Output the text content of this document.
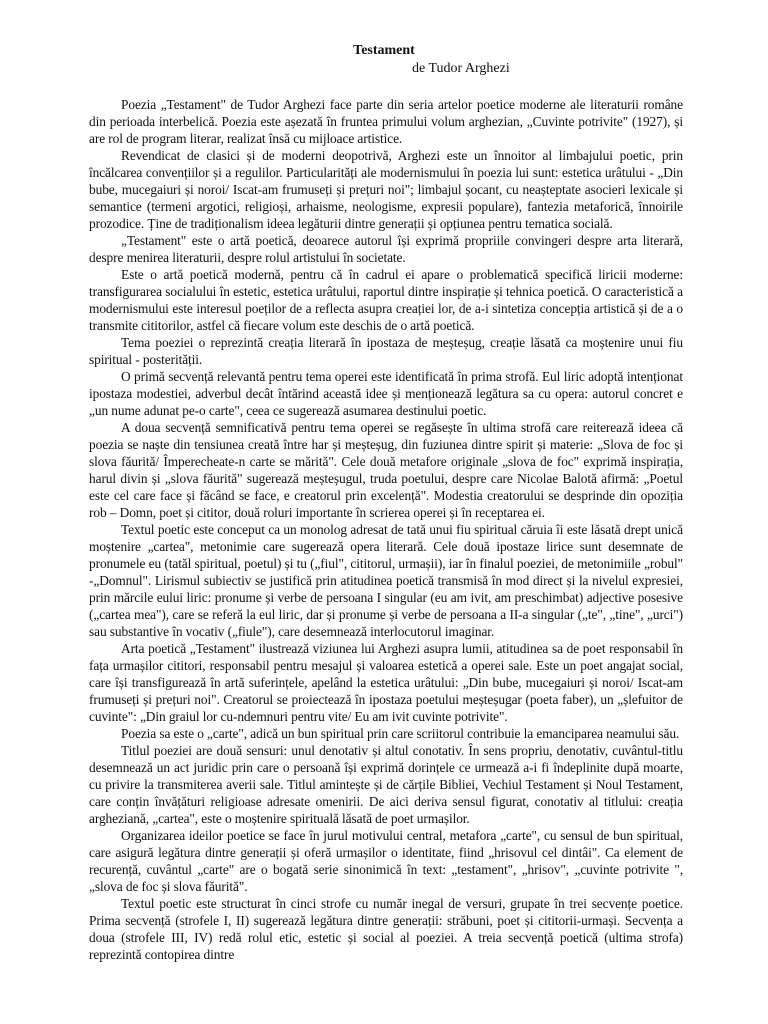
Testament

de Tudor Arghezi

Poezia „Testament" de Tudor Arghezi face parte din seria artelor poetice moderne ale literaturii române din perioada interbelică. Poezia este așezată în fruntea primului volum arghezian, „Cuvinte potrivite" (1927), și are rol de program literar, realizat însă cu mijloace artistice.

Revendicat de clasici și de moderni deopotrivă, Arghezi este un înnoitor al limbajului poetic, prin încălcarea convențiilor și a regulilor. Particularități ale modernismului în poezia lui sunt: estetica urâtului - „Din bube, mucegaiuri și noroi/ Iscat-am frumuseți și prețuri noi"; limbajul șocant, cu neașteptate asocieri lexicale și semantice (termeni argotici, religioși, arhaisme, neologisme, expresii populare), fantezia metaforică, înnoirile prozodice. Ține de tradiționalism ideea legăturii dintre generații și opțiunea pentru tematica socială.

„Testament" este o artă poetică, deoarece autorul își exprimă propriile convingeri despre arta literară, despre menirea literaturii, despre rolul artistului în societate.

Este o artă poetică modernă, pentru că în cadrul ei apare o problematică specifică liricii moderne: transfigurarea socialului în estetic, estetica urâtului, raportul dintre inspirație și tehnica poetică. O caracteristică a modernismului este interesul poeților de a reflecta asupra creației lor, de a-i sintetiza concepția artistică și de a o transmite cititorilor, astfel că fiecare volum este deschis de o artă poetică.

Tema poeziei o reprezintă creația literară în ipostaza de meșteșug, creație lăsată ca moștenire unui fiu spiritual - posterității.

O primă secvență relevantă pentru tema operei este identificată în prima strofă. Eul liric adoptă intenționat ipostaza modestiei, adverbul decât întărind această idee și menționează legătura sa cu opera: autorul concret e „un nume adunat pe-o carte", ceea ce sugerează asumarea destinului poetic.

A doua secvență semnificativă pentru tema operei se regăsește în ultima strofă care reiterează ideea că poezia se naște din tensiunea creată între har și meșteșug, din fuziunea dintre spirit și materie: „Slova de foc și slova făurită/ Împerecheate-n carte se mărită". Cele două metafore originale „slova de foc" exprimă inspirația, harul divin și „slova făurită" sugerează meșteșugul, truda poetului, despre care Nicolae Balotă afirmă: „Poetul este cel care face și făcând se face, e creatorul prin excelență". Modestia creatorului se desprinde din opoziția rob – Domn, poet și cititor, două roluri importante în scrierea operei și în receptarea ei.

Textul poetic este conceput ca un monolog adresat de tată unui fiu spiritual căruia îi este lăsată drept unică moștenire „cartea", metonimie care sugerează opera literară. Cele două ipostaze lirice sunt desemnate de pronumele eu (tatăl spiritual, poetul) și tu („fiul", cititorul, urmașii), iar în finalul poeziei, de metonimiile „robul" -„Domnul". Lirismul subiectiv se justifică prin atitudinea poetică transmisă în mod direct și la nivelul expresiei, prin mărcile eului liric: pronume și verbe de persoana I singular (eu am ivit, am preschimbat) adjective posesive („cartea mea"), care se referă la eul liric, dar și pronume și verbe de persoana a II-a singular („te", „tine", „urci") sau substantive în vocativ („fiule"), care desemnează interlocutorul imaginar.

Arta poetică „Testament" ilustrează viziunea lui Arghezi asupra lumii, atitudinea sa de poet responsabil în fața urmașilor cititori, responsabil pentru mesajul și valoarea estetică a operei sale. Este un poet angajat social, care își transfigurează în artă suferințele, apelând la estetica urâtului: „Din bube, mucegaiuri și noroi/ Iscat-am frumuseți și prețuri noi". Creatorul se proiectează în ipostaza poetului meșteșugar (poeta faber), un „șlefuitor de cuvinte": „Din graiul lor cu-ndemnuri pentru vite/ Eu am ivit cuvinte potrivite".

Poezia sa este o „carte", adică un bun spiritual prin care scriitorul contribuie la emanciparea neamului său.

Titlul poeziei are două sensuri: unul denotativ și altul conotativ. În sens propriu, denotativ, cuvântul-titlu desemnează un act juridic prin care o persoană își exprimă dorințele ce urmează a-i fi îndeplinite după moarte, cu privire la transmiterea averii sale. Titlul amintește și de cărțile Bibliei, Vechiul Testament și Noul Testament, care conțin învățături religioase adresate omenirii. De aici deriva sensul figurat, conotativ al titlului: creația argheziană, „cartea", este o moștenire spirituală lăsată de poet urmașilor.

Organizarea ideilor poetice se face în jurul motivului central, metafora „carte", cu sensul de bun spiritual, care asigură legătura dintre generații și oferă urmașilor o identitate, fiind „hrisovul cel dintâi". Ca element de recurență, cuvântul „carte" are o bogată serie sinonimică în text: „testament", „hrisov", „cuvinte potrivite ", „slova de foc și slova făurită".

Textul poetic este structurat în cinci strofe cu număr inegal de versuri, grupate în trei secvențe poetice. Prima secvență (strofele I, II) sugerează legătura dintre generații: străbuni, poet și cititorii-urmași. Secvența a doua (strofele III, IV) redă rolul etic, estetic și social al poeziei. A treia secvență poetică (ultima strofa) reprezintă contopirea dintre
